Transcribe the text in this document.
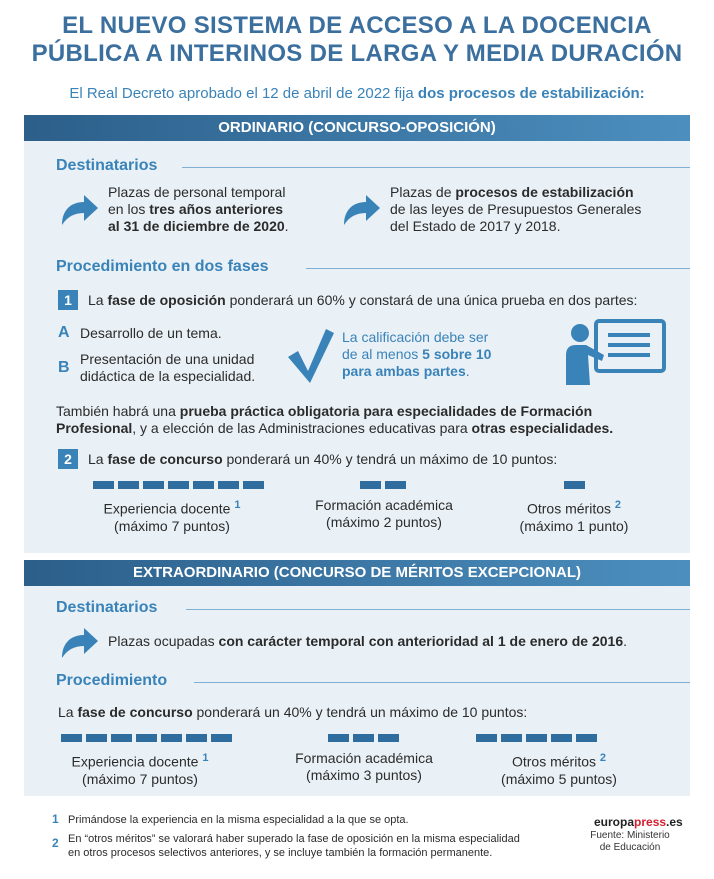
EL NUEVO SISTEMA DE ACCESO A LA DOCENCIA
PÚBLICA A INTERINOS DE LARGA Y MEDIA DURACIÓN
El Real Decreto aprobado el 12 de abril de 2022 fija dos procesos de estabilización:
ORDINARIO (CONCURSO-OPOSICIÓN)
Destinatarios
Plazas de personal temporal
en los tres años anteriores
al 31 de diciembre de 2020.
Plazas de procesos de estabilización
de las leyes de Presupuestos Generales
del Estado de 2017 y 2018.
Procedimiento en dos fases
1	La fase de oposición ponderará un 60% y constará de una única prueba en dos partes:
A Desarrollo de un tema.
B Presentación de una unidad
didáctica de la especialidad.
La calificación debe ser
de al menos 5 sobre 10
para ambas partes.
También habrá una prueba práctica obligatoria para especialidades de Formación
Profesional, y a elección de las Administraciones educativas para otras especialidades.
2	La fase de concurso ponderará un 40% y tendrá un máximo de 10 puntos:
Experiencia docente $^1$
(máximo 7 puntos)
Formación académica
(máximo 2 puntos)
Otros méritos $^2$
(máximo 1 punto)
EXTRAORDINARIO (CONCURSO DE MÉRITOS EXCEPCIONAL)
Destinatarios
Plazas ocupadas con carácter temporal con anterioridad al 1 de enero de 2016.
Procedimiento
La fase de concurso ponderará un 40% y tendrá un máximo de 10 puntos:
Experiencia docente $^1$
(máximo 7 puntos)
Formación académica
(máximo 3 puntos)
Otros méritos $^2$
(máximo 5 puntos)
1 Primándose la experiencia en la misma especialidad a la que se opta.
2 En “otros méritos” se valorará haber superado la fase de oposición en la misma especialidad
en otros procesos selectivos anteriores, y se incluye también la formación permanente.
europapress.es
Fuente: Ministerio
de Educación
